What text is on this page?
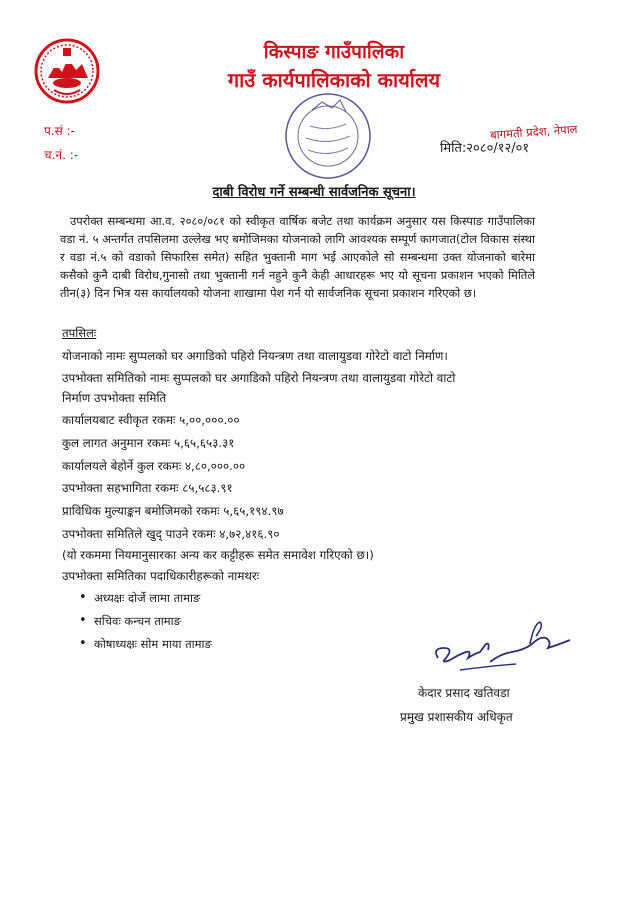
किस्पाङ गाउँपालिका
गाउँ कार्यपालिकाको कार्यालय
प.सं :-
च.नं. :-
बागमती प्रदेश, नेपाल
मिति:२०८०/१२/०१
दाबी विरोध गर्ने सम्बन्धी सार्वजनिक सूचना।
उपरोक्त सम्बन्धमा आ.व. २०८०/०८१ को स्वीकृत वार्षिक बजेट तथा कार्यक्रम अनुसार यस किस्पाङ गाउँपालिका वडा नं. ५ अन्तर्गत तपसिलमा उल्लेख भए बमोजिमका योजनाको लागि आवश्यक सम्पूर्ण कागजात(टोल विकास संस्था र वडा नं.५ को वडाको सिफारिस समेत) सहित भुक्तानी माग भई आएकोले सो सम्बन्धमा उक्त योजनाको बारेमा कसैको कुनै दाबी विरोध,गुनासो तथा भुक्तानी गर्न नहुने कुनै केही आधारहरू भए यो सूचना प्रकाशन भएको मितिले तीन(३) दिन भित्र यस कार्यालयको योजना शाखामा पेश गर्न यो सार्वजनिक सूचना प्रकाशन गरिएको छ।
तपसिलः
योजनाको नामः सुप्पलको घर अगाडिको पहिरो नियन्त्रण तथा वालायुडवा गोरेटो वाटो निर्माण।
उपभोक्ता समितिको नामः सुप्पलको घर अगाडिको पहिरो नियन्त्रण तथा वालायुडवा गोरेटो वाटो
निर्माण उपभोक्ता समिति
कार्यालयबाट स्वीकृत रकमः ५,००,०००.००
कुल लागत अनुमान रकमः ५,६५,६५३.३१
कार्यालयले बेहोर्ने कुल रकमः ४,८०,०००.००
उपभोक्ता सहभागिता रकमः ८५,५८३.९१
प्राविधिक मुल्याङ्कन बमोजिमको रकमः ५,६५,१९४.९७
उपभोक्ता समितिले खुद् पाउने रकमः ४,७२,४१६.९०
(यो रकममा नियमानुसारका अन्य कर कट्टीहरू समेत समावेश गरिएको छ।)
उपभोक्ता समितिका पदाधिकारीहरूको नामथरः
• अध्यक्षः दोर्जे लामा तामाङ
• सचिवः कन्चन तामाङ
• कोषाध्यक्षः सोम माया तामाङ
केदार प्रसाद खतिवडा
प्रमुख प्रशासकीय अधिकृत
